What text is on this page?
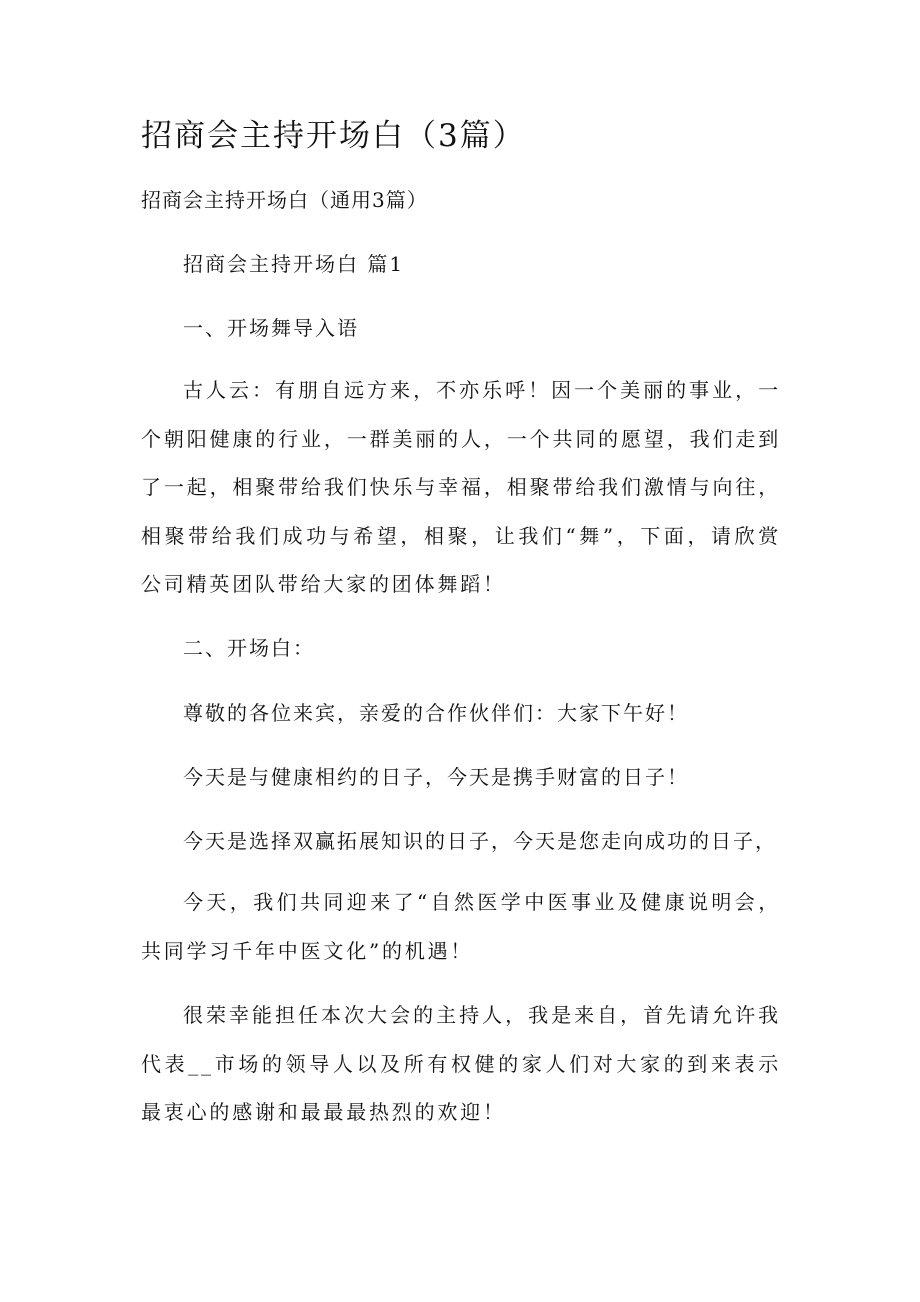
招商会主持开场白（3篇）
招商会主持开场白（通用3篇）
招商会主持开场白 篇1
一、开场舞导入语

古人云：有朋自远方来，不亦乐呼！因一个美丽的事业，一个朝阳健康的行业，一群美丽的人，一个共同的愿望，我们走到了一起，相聚带给我们快乐与幸福，相聚带给我们激情与向往，相聚带给我们成功与希望，相聚，让我们“舞”，下面，请欣赏公司精英团队带给大家的团体舞蹈！

二、开场白：
尊敬的各位来宾，亲爱的合作伙伴们：大家下午好！
今天是与健康相约的日子，今天是携手财富的日子！
今天是选择双赢拓展知识的日子，今天是您走向成功的日子，

今天，我们共同迎来了“自然医学中医事业及健康说明会，共同学习千年中医文化”的机遇！

很荣幸能担任本次大会的主持人，我是来自，首先请允许我代表__市场的领导人以及所有权健的家人们对大家的到来表示最衷心的感谢和最最最热烈的欢迎！
